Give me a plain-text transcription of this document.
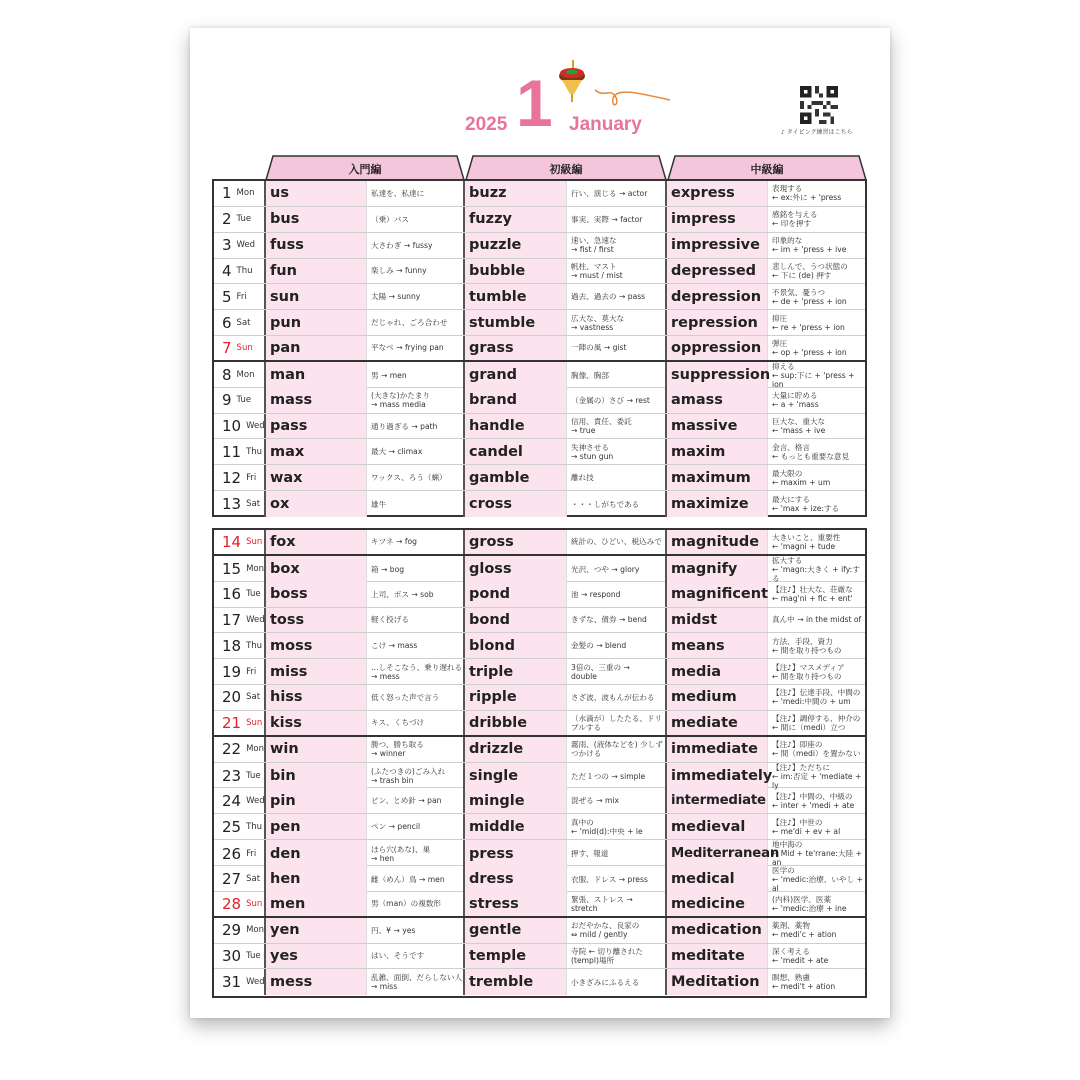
2025 1 January	♪ タイピング練習はこちら
入門編	初級編	中級編
1 Mon us	私達を、私達に	buzz	行い、演じる → actor	express	表現する
← ex:外に + 'press
2 Tue bus	（乗）バス	fuzzy	事実、実際 → factor	impress	感銘を与える
← 印を押す
3 Wed fuss	大さわぎ → fussy	puzzle	速い、急速な
→ fist / first	impressive	印象的な
← im + 'press + ive
4 Thu fun	楽しみ → funny	bubble	帆柱、マスト
→ must / mist	depressed	悲しんで、うつ状態の
← 下に (de) 押す
5 Fri sun	太陽 → sunny	tumble	過去、過去の → pass	depression	不景気、憂うつ
← de + 'press + ion
6 Sat pun	だじゃれ、ごろ合わせ	stumble	広大な、莫大な
→ vastness	repression	抑圧
← re + 'press + ion
7 Sun pan	平なべ → frying pan	grass	一陣の風 → gist	oppression	弾圧
← op + 'press + ion
8 Mon man	男 → men	grand	胸像、胸部	suppression
抑える
← sup:下に + 'press + ion
9 Tue mass	(大きな)かたまり
→ mass media	brand	（金属の）さび → rest	amass	大量に貯める
← a + 'mass
10 Wed pass	通り過ぎる → path	handle	信用、責任、委託
→ true	massive	巨大な、重大な
← 'mass + ive
11 Thu max	最大 → climax	candel	失神させる
→ stun gun	maxim	金言、格言
← もっとも重要な意見
12 Fri wax	ワックス、ろう（蝋）	gamble	離れ技	maximum	最大限の
← maxim + um
13 Sat ox	雄牛	cross	・・・しがちである	maximize	最大にする
← 'max + ize:する
14 Sun fox	キツネ → fog	gross	統計の、ひどい、税込みで magnitude	大きいこと、重要性
← 'magni + tude
15 Mon box	箱 → bog	gloss	光沢、つや → glory	magnify
拡大する
← 'magn:大きく + ify:する
16 Tue boss	上司、ボス → sob	pond	池 → respond	magnificent 【注♪】壮大な、荘厳な
← mag'ni + fic + ent'
17 Wed toss	軽く投げる	bond	きずな、債券 → bend	midst	真ん中 → in the midst of
18 Thu moss	こけ → mass	blond	金髪の → blend	means	方法、手段、資力
← 間を取り持つもの
19 Fri miss	…しそこなう、乗り遅れる
→ mess	triple	3倍の、三重の →
double	media	【注♪】マスメディア
← 間を取り持つもの
20 Sat hiss	低く怒った声で言う	ripple	さざ波、波もんが伝わる	medium	【注♪】伝達手段、中間の
← 'medi:中間の + um
21 Sun kiss	キス、くちづけ	dribble	（水滴が）したたる、ドリブルする	mediate	【注♪】調停する、仲介の
← 間に（medi）立つ
22 Mon win	勝つ、勝ち取る
→ winner	drizzle	霧雨、(液体などを) 少しずつかける	immediate	【注♪】即座の
← 間（medi）を置かない
23 Tue bin	(ふたつきの)ごみ入れ
→ trash bin	single	ただ１つの → simple	immediately
【注♪】ただちに
← im:否定 + 'mediate + ly
24 Wed pin	ピン、とめ針 → pan	mingle	混ぜる → mix	intermediate 【注♪】中間の、中級の
← inter + 'medi + ate
25 Thu pen	ペン → pencil	middle	真中の
← 'mid(d):中央 + le	medieval	【注♪】中世の
← me'di + ev + al
26 Fri den	ほら穴(あな)、巣
→ hen	press	押す、報道	Mediterranean
地中海の
← Mid + te'rrane:大陸 + an
27 Sat hen	雌（めん）鳥 → men	dress	衣服、ドレス → press	medical
医学の
← 'medic:治療、いやし + al
28 Sun men	男（man）の複数形	stress	緊張、ストレス →
stretch	medicine	(内科)医学、医薬
← 'medic:治療 + ine
29 Mon yen	円、¥ → yes	gentle	おだやかな、良家の
⇔ mild / gently	medication	薬剤、薬物
← medi'c + ation
30 Tue yes	はい、そうです	temple	寺院 ← 切り離された
(templ)場所	meditate	深く考える
← 'medit + ate
31 Wed mess	乱雑、面倒、だらしない人
→ miss	tremble	小きざみにふるえる	Meditation	瞑想、熟慮
← medi't + ation
